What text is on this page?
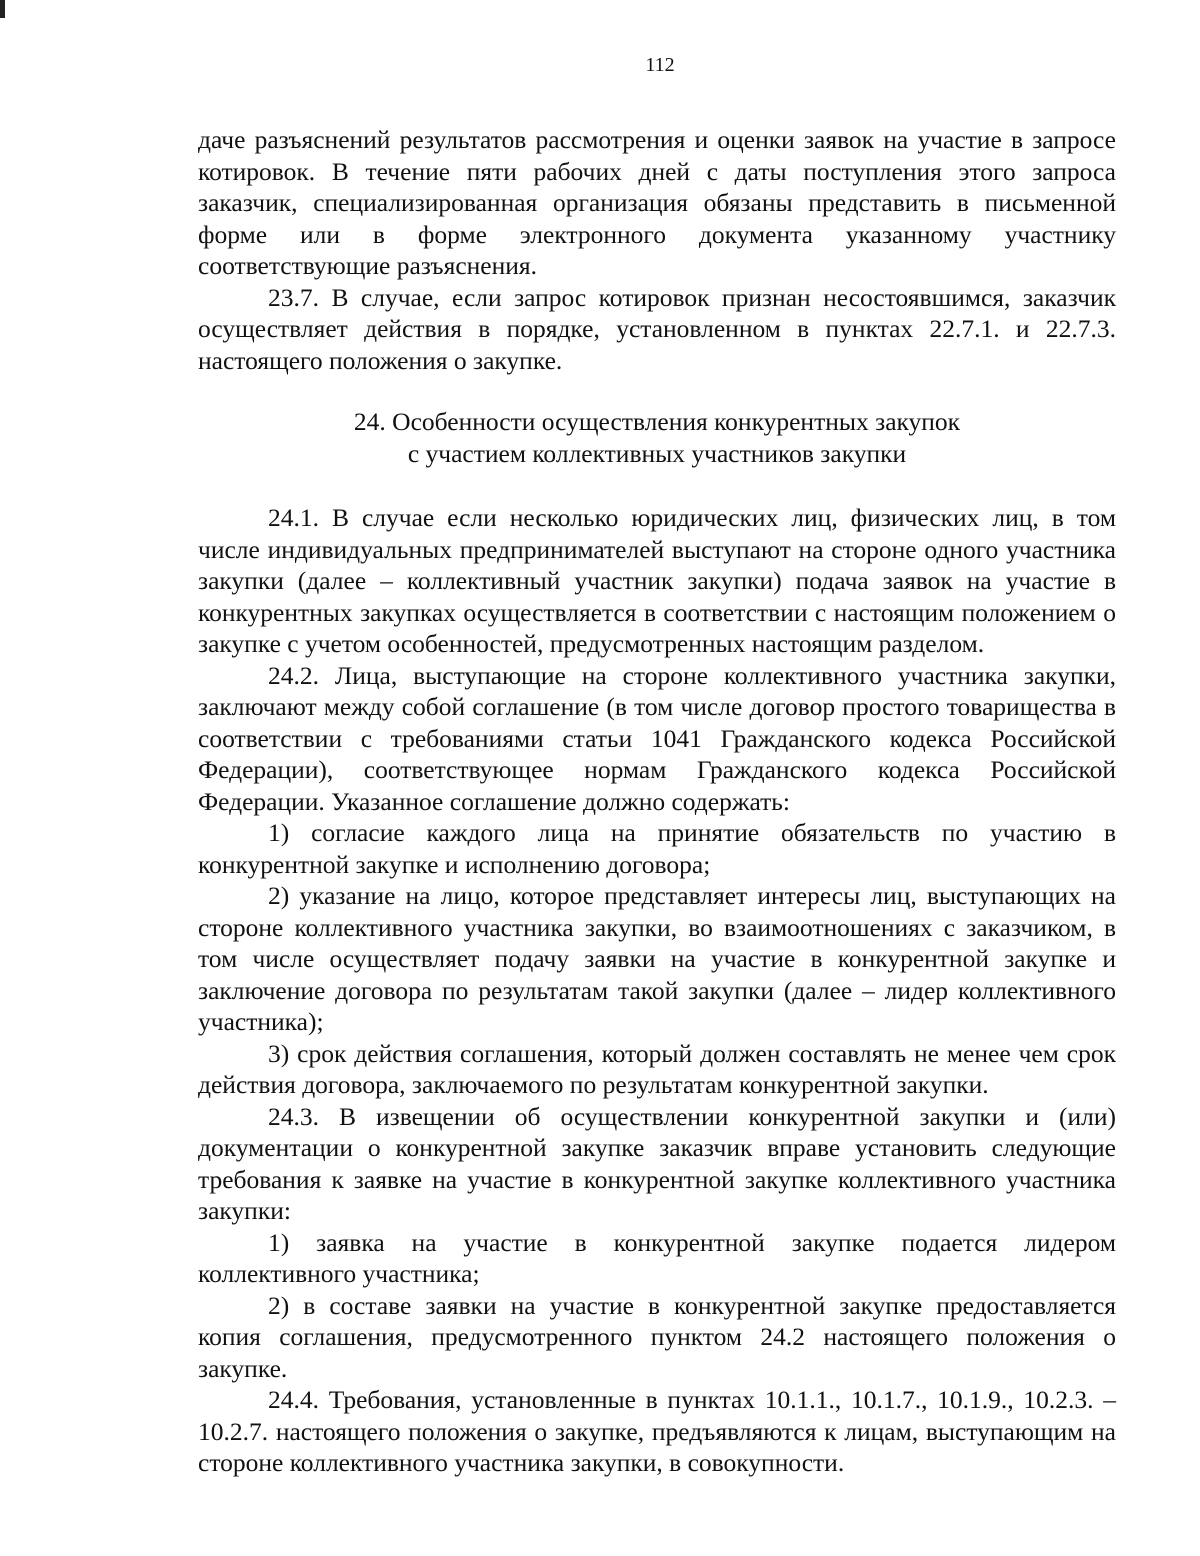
112

даче разъяснений результатов рассмотрения и оценки заявок на участие в запросе котировок. В течение пяти рабочих дней с даты поступления этого запроса заказчик, специализированная организация обязаны представить в письменной форме или в форме электронного документа указанному участнику соответствующие разъяснения.

23.7. В случае, если запрос котировок признан несостоявшимся, заказчик осуществляет действия в порядке, установленном в пунктах 22.7.1. и 22.7.3. настоящего положения о закупке.

24. Особенности осуществления конкурентных закупок
с участием коллективных участников закупки

24.1. В случае если несколько юридических лиц, физических лиц, в том числе индивидуальных предпринимателей выступают на стороне одного участника закупки (далее – коллективный участник закупки) подача заявок на участие в конкурентных закупках осуществляется в соответствии с настоящим положением о закупке с учетом особенностей, предусмотренных настоящим разделом.

24.2. Лица, выступающие на стороне коллективного участника закупки, заключают между собой соглашение (в том числе договор простого товарищества в соответствии с требованиями статьи 1041 Гражданского кодекса Российской Федерации), соответствующее нормам Гражданского кодекса Российской Федерации. Указанное соглашение должно содержать:

1) согласие каждого лица на принятие обязательств по участию в конкурентной закупке и исполнению договора;

2) указание на лицо, которое представляет интересы лиц, выступающих на стороне коллективного участника закупки, во взаимоотношениях с заказчиком, в том числе осуществляет подачу заявки на участие в конкурентной закупке и заключение договора по результатам такой закупки (далее – лидер коллективного участника);

3) срок действия соглашения, который должен составлять не менее чем срок действия договора, заключаемого по результатам конкурентной закупки.

24.3. В извещении об осуществлении конкурентной закупки и (или) документации о конкурентной закупке заказчик вправе установить следующие требования к заявке на участие в конкурентной закупке коллективного участника закупки:

1) заявка на участие в конкурентной закупке подается лидером коллективного участника;

2) в составе заявки на участие в конкурентной закупке предоставляется копия соглашения, предусмотренного пунктом 24.2 настоящего положения о закупке.

24.4. Требования, установленные в пунктах 10.1.1., 10.1.7., 10.1.9., 10.2.3. – 10.2.7. настоящего положения о закупке, предъявляются к лицам, выступающим на стороне коллективного участника закупки, в совокупности.
